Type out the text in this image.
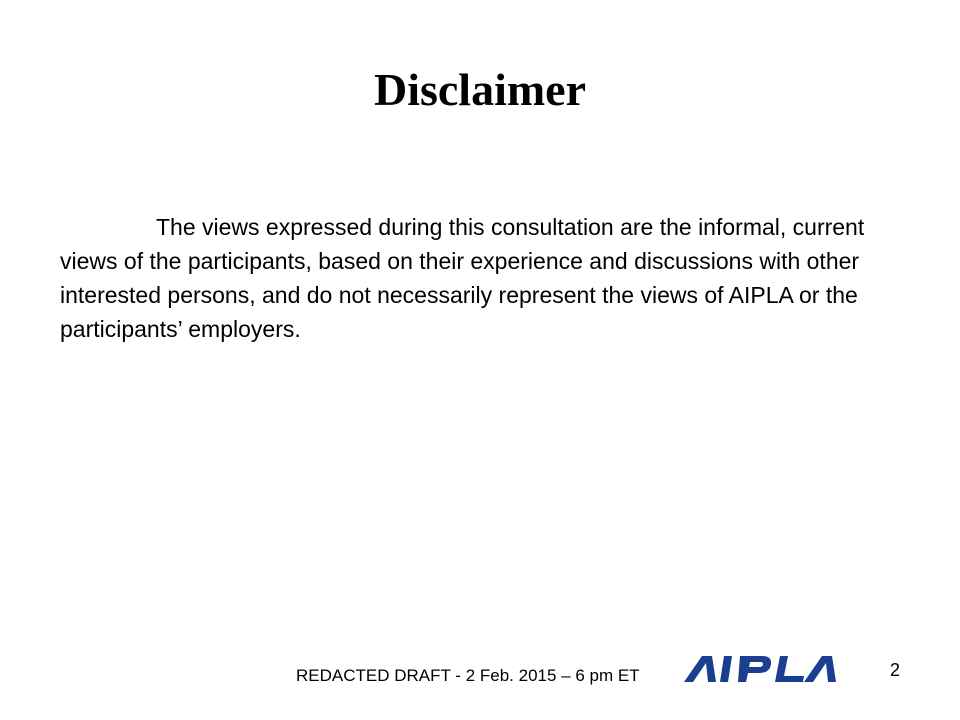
Disclaimer

The views expressed during this consultation are the informal, current views of the participants, based on their experience and discussions with other interested persons, and do not necessarily represent the views of AIPLA or the participants’ employers.

REDACTED DRAFT - 2 Feb. 2015 – 6 pm ET	2
